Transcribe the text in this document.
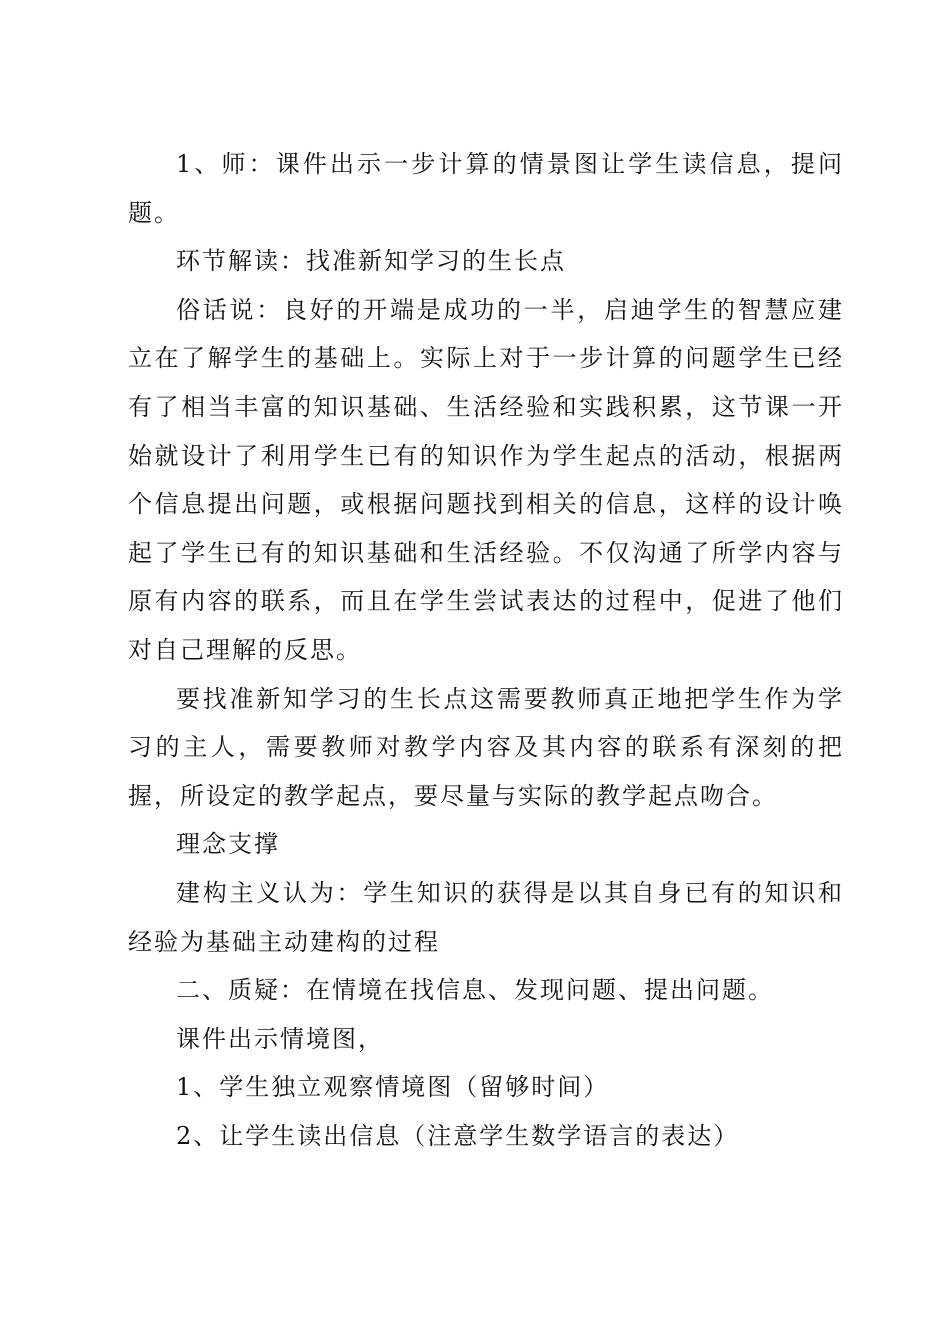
1、师：课件出示一步计算的情景图让学生读信息，提问题。

环节解读：找准新知学习的生长点

俗话说：良好的开端是成功的一半，启迪学生的智慧应建立在了解学生的基础上。实际上对于一步计算的问题学生已经有了相当丰富的知识基础、生活经验和实践积累，这节课一开始就设计了利用学生已有的知识作为学生起点的活动，根据两个信息提出问题，或根据问题找到相关的信息，这样的设计唤起了学生已有的知识基础和生活经验。不仅沟通了所学内容与原有内容的联系，而且在学生尝试表达的过程中，促进了他们对自己理解的反思。

要找准新知学习的生长点这需要教师真正地把学生作为学习的主人，需要教师对教学内容及其内容的联系有深刻的把握，所设定的教学起点，要尽量与实际的教学起点吻合。

理念支撑

建构主义认为：学生知识的获得是以其自身已有的知识和经验为基础主动建构的过程

二、质疑：在情境在找信息、发现问题、提出问题。

课件出示情境图，

1、学生独立观察情境图（留够时间）

2、让学生读出信息（注意学生数学语言的表达）
